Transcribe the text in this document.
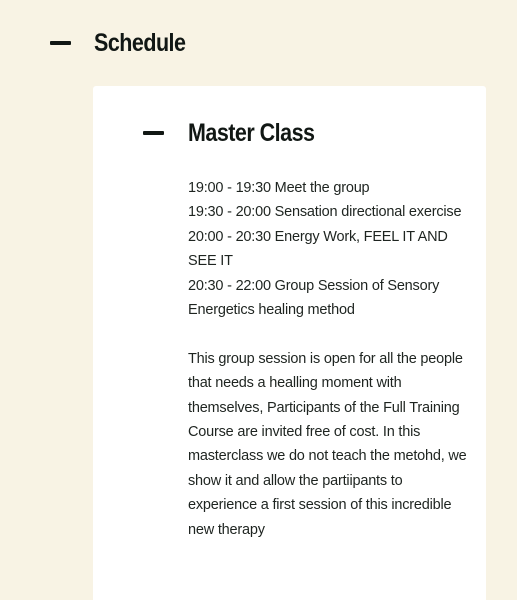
Schedule
Master Class
19:00 - 19:30 Meet the group
19:30 - 20:00 Sensation directional exercise
20:00 - 20:30 Energy Work, FEEL IT AND SEE IT
20:30 - 22:00 Group Session of Sensory Energetics healing method
This group session is open for all the people that needs a healling moment with themselves, Participants of the Full Training Course are invited free of cost. In this masterclass we do not teach the metohd, we show it and allow the partiipants to experience a first session of this incredible new therapy
